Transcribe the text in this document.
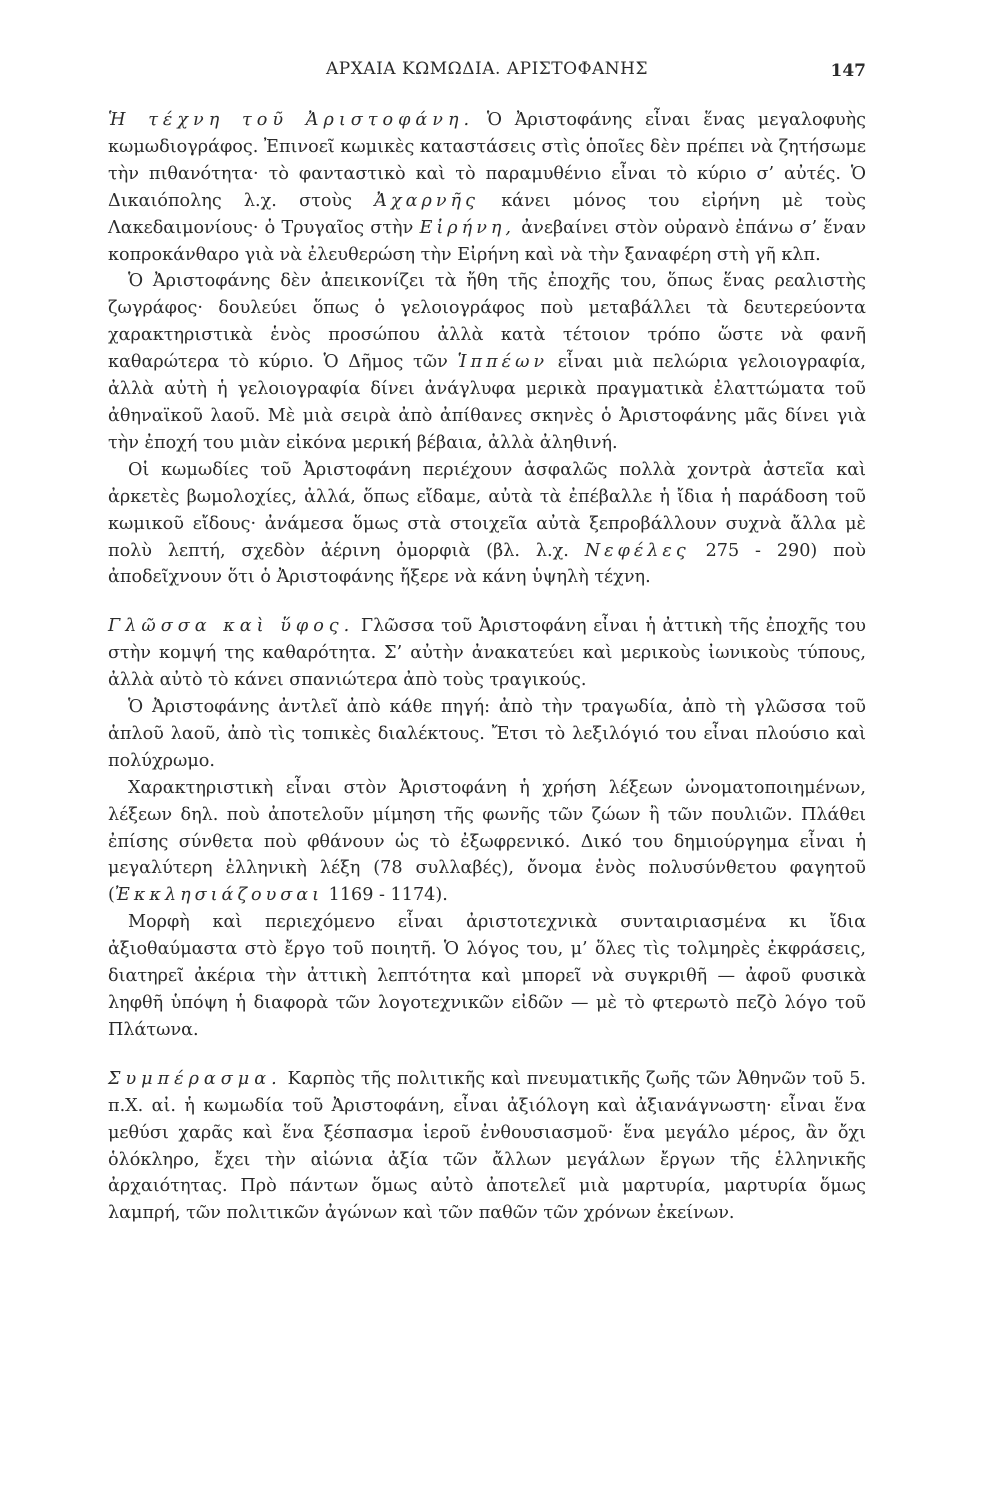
ΑΡΧΑΙΑ ΚΩΜΩΔΙΑ. ΑΡΙΣΤΟΦΑΝΗΣ	147

Ἡ τέχνη τοῦ Ἀριστοφάνη. Ὁ Ἀριστοφάνης εἶναι ἕνας μεγαλοφυὴς κωμωδιογράφος. Ἐπινοεῖ κωμικὲς καταστάσεις στὶς ὁποῖες δὲν πρέπει νὰ ζητήσωμε τὴν πιθανότητα· τὸ φανταστικὸ καὶ τὸ παραμυθένιο εἶναι τὸ κύριο σ’ αὐτές. Ὁ Δικαιόπολης λ.χ. στοὺς Ἀχαρνῆς κάνει μόνος του εἰρήνη μὲ τοὺς Λακεδαιμονίους· ὁ Τρυγαῖος στὴν Εἰρήνη, ἀνεβαίνει στὸν οὐρανὸ ἐπάνω σ’ ἕναν κοπροκάνθαρο γιὰ νὰ ἐλευθερώση τὴν Εἰρήνη καὶ νὰ τὴν ξαναφέρη στὴ γῆ κλπ.

Ὁ Ἀριστοφάνης δὲν ἀπεικονίζει τὰ ἤθη τῆς ἐποχῆς του, ὅπως ἕνας ρεαλιστὴς ζωγράφος· δουλεύει ὅπως ὁ γελοιογράφος ποὺ μεταβάλλει τὰ δευτερεύοντα χαρακτηριστικὰ ἑνὸς προσώπου ἀλλὰ κατὰ τέτοιον τρόπο ὥστε νὰ φανῆ καθαρώτερα τὸ κύριο. Ὁ Δῆμος τῶν Ἱππέων εἶναι μιὰ πελώρια γελοιογραφία, ἀλλὰ αὐτὴ ἡ γελοιογραφία δίνει ἀνάγλυφα μερικὰ πραγματικὰ ἐλαττώματα τοῦ ἀθηναϊκοῦ λαοῦ. Μὲ μιὰ σειρὰ ἀπὸ ἀπίθανες σκηνὲς ὁ Ἀριστοφάνης μᾶς δίνει γιὰ τὴν ἐποχή του μιὰν εἰκόνα μερική βέβαια, ἀλλὰ ἀληθινή.

Οἱ κωμωδίες τοῦ Ἀριστοφάνη περιέχουν ἀσφαλῶς πολλὰ χοντρὰ ἀστεῖα καὶ ἀρκετὲς βωμολοχίες, ἀλλά, ὅπως εἴδαμε, αὐτὰ τὰ ἐπέβαλλε ἡ ἴδια ἡ παράδοση τοῦ κωμικοῦ εἴδους· ἀνάμεσα ὅμως στὰ στοιχεῖα αὐτὰ ξεπροβάλλουν συχνὰ ἄλλα μὲ πολὺ λεπτή, σχεδὸν ἀέρινη ὀμορφιὰ (βλ. λ.χ. Νεφέλες 275 - 290) ποὺ ἀποδεῖχνουν ὅτι ὁ Ἀριστοφάνης ἤξερε νὰ κάνη ὑψηλὴ τέχνη.

Γλῶσσα καὶ ὕφος. Γλῶσσα τοῦ Ἀριστοφάνη εἶναι ἡ ἀττικὴ τῆς ἐποχῆς του στὴν κομψή της καθαρότητα. Σ’ αὐτὴν ἀνακατεύει καὶ μερικοὺς ἰωνικοὺς τύπους, ἀλλὰ αὐτὸ τὸ κάνει σπανιώτερα ἀπὸ τοὺς τραγικούς.

Ὁ Ἀριστοφάνης ἀντλεῖ ἀπὸ κάθε πηγή: ἀπὸ τὴν τραγωδία, ἀπὸ τὴ γλῶσσα τοῦ ἁπλοῦ λαοῦ, ἀπὸ τὶς τοπικὲς διαλέκτους. Ἔτσι τὸ λεξιλόγιό του εἶναι πλούσιο καὶ πολύχρωμο.

Χαρακτηριστικὴ εἶναι στὸν Ἀριστοφάνη ἡ χρήση λέξεων ὠνοματοποιημένων, λέξεων δηλ. ποὺ ἀποτελοῦν μίμηση τῆς φωνῆς τῶν ζώων ἢ τῶν πουλιῶν. Πλάθει ἐπίσης σύνθετα ποὺ φθάνουν ὡς τὸ ἐξωφρενικό. Δικό του δημιούργημα εἶναι ἡ μεγαλύτερη ἑλληνικὴ λέξη (78 συλλαβές), ὄνομα ἑνὸς πολυσύνθετου φαγητοῦ (Ἐκκλησιάζουσαι 1169 - 1174).

Μορφὴ καὶ περιεχόμενο εἶναι ἀριστοτεχνικὰ συνταιριασμένα κι ἴδια ἀξιοθαύμαστα στὸ ἔργο τοῦ ποιητῆ. Ὁ λόγος του, μ’ ὅλες τὶς τολμηρὲς ἐκφράσεις, διατηρεῖ ἀκέρια τὴν ἀττικὴ λεπτότητα καὶ μπορεῖ νὰ συγκριθῆ — ἀφοῦ φυσικὰ ληφθῆ ὑπόψη ἡ διαφορὰ τῶν λογοτεχνικῶν εἰδῶν — μὲ τὸ φτερωτὸ πεζὸ λόγο τοῦ Πλάτωνα.

Συμπέρασμα. Καρπὸς τῆς πολιτικῆς καὶ πνευματικῆς ζωῆς τῶν Ἀθηνῶν τοῦ 5. π.Χ. αἰ. ἡ κωμωδία τοῦ Ἀριστοφάνη, εἶναι ἀξιόλογη καὶ ἀξιανάγνωστη· εἶναι ἕνα μεθύσι χαρᾶς καὶ ἕνα ξέσπασμα ἱεροῦ ἐνθουσιασμοῦ· ἕνα μεγάλο μέρος, ἂν ὄχι ὁλόκληρο, ἔχει τὴν αἰώνια ἀξία τῶν ἄλλων μεγάλων ἔργων τῆς ἑλληνικῆς ἀρχαιότητας. Πρὸ πάντων ὅμως αὐτὸ ἀποτελεῖ μιὰ μαρτυρία, μαρτυρία ὅμως λαμπρή, τῶν πολιτικῶν ἀγώνων καὶ τῶν παθῶν τῶν χρόνων ἐκείνων.
